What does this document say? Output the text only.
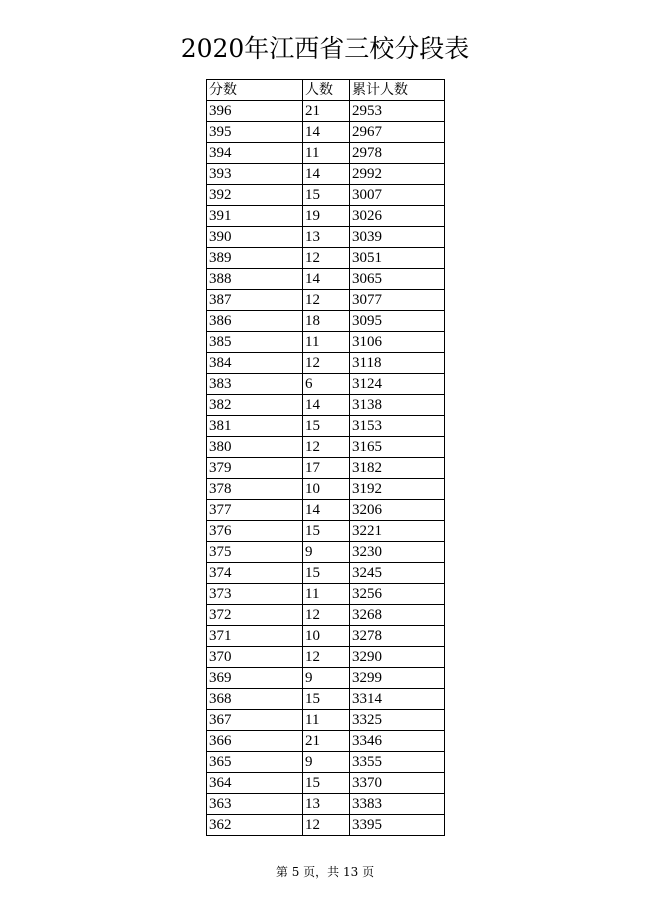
2020年江西省三校分段表
分数	人数	累计人数
396	21	2953
395	14	2967
394	11	2978
393	14	2992
392	15	3007
391	19	3026
390	13	3039
389	12	3051
388	14	3065
387	12	3077
386	18	3095
385	11	3106
384	12	3118
383	6	3124
382	14	3138
381	15	3153
380	12	3165
379	17	3182
378	10	3192
377	14	3206
376	15	3221
375	9	3230
374	15	3245
373	11	3256
372	12	3268
371	10	3278
370	12	3290
369	9	3299
368	15	3314
367	11	3325
366	21	3346
365	9	3355
364	15	3370
363	13	3383
362	12	3395
第 5 页，共 13 页
